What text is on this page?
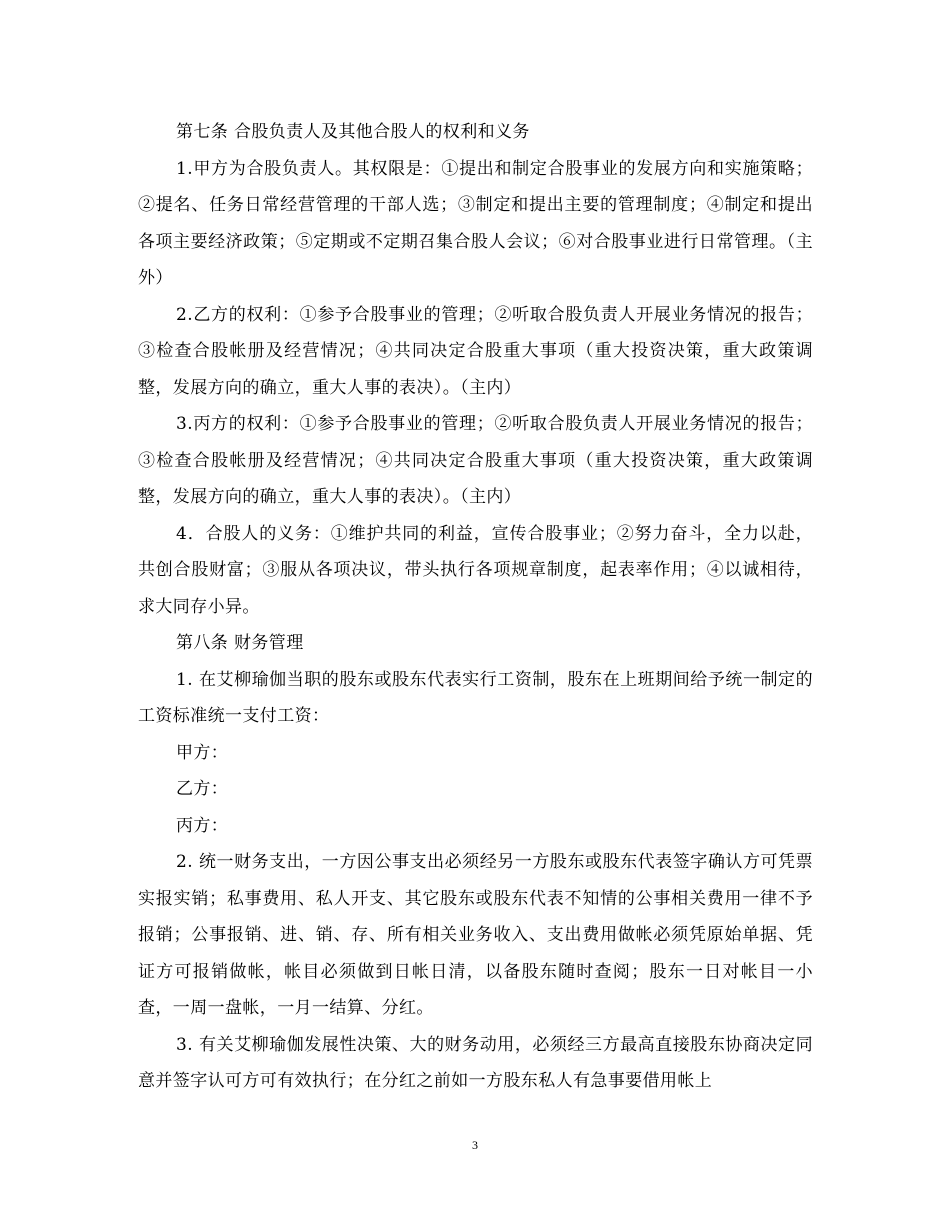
第七条 合股负责人及其他合股人的权利和义务

1.甲方为合股负责人。其权限是：①提出和制定合股事业的发展方向和实施策略；②提名、任务日常经营管理的干部人选；③制定和提出主要的管理制度；④制定和提出各项主要经济政策；⑤定期或不定期召集合股人会议；⑥对合股事业进行日常管理。（主外）

2.乙方的权利：①参予合股事业的管理；②听取合股负责人开展业务情况的报告；③检查合股帐册及经营情况；④共同决定合股重大事项（重大投资决策，重大政策调整，发展方向的确立，重大人事的表决）。（主内）

3.丙方的权利：①参予合股事业的管理；②听取合股负责人开展业务情况的报告；③检查合股帐册及经营情况；④共同决定合股重大事项（重大投资决策，重大政策调整，发展方向的确立，重大人事的表决）。（主内）

4．合股人的义务：①维护共同的利益，宣传合股事业；②努力奋斗，全力以赴，共创合股财富；③服从各项决议，带头执行各项规章制度，起表率作用；④以诚相待，求大同存小异。

第八条 财务管理

1. 在艾柳瑜伽当职的股东或股东代表实行工资制，股东在上班期间给予统一制定的工资标准统一支付工资：

甲方：

乙方：

丙方：

2. 统一财务支出，一方因公事支出必须经另一方股东或股东代表签字确认方可凭票实报实销；私事费用、私人开支、其它股东或股东代表不知情的公事相关费用一律不予报销；公事报销、进、销、存、所有相关业务收入、支出费用做帐必须凭原始单据、凭证方可报销做帐，帐目必须做到日帐日清，以备股东随时查阅；股东一日对帐目一小查，一周一盘帐，一月一结算、分红。

3. 有关艾柳瑜伽发展性决策、大的财务动用，必须经三方最高直接股东协商决定同意并签字认可方可有效执行；在分红之前如一方股东私人有急事要借用帐上

3
